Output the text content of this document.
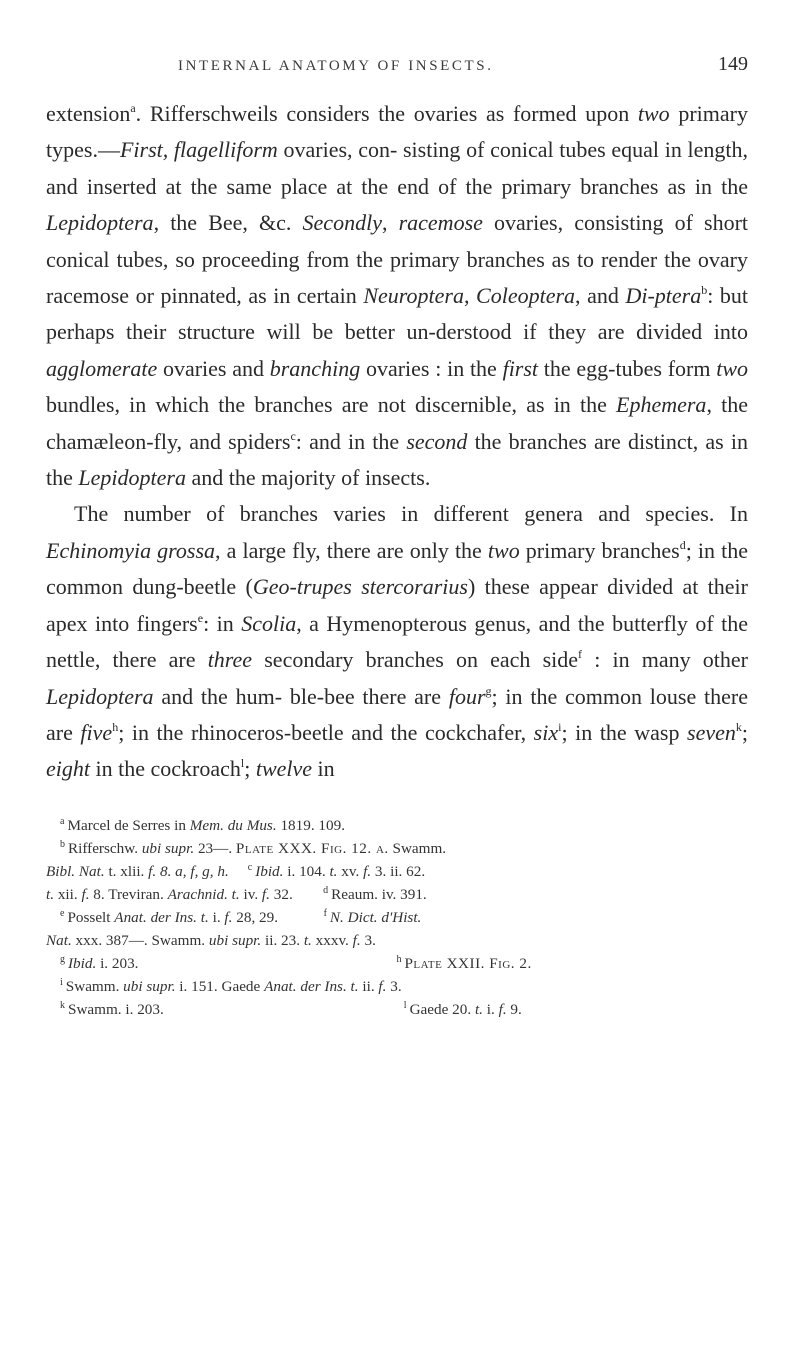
INTERNAL ANATOMY OF INSECTS.	149

extension$^a$. Rifferschweils considers the ovaries as formed upon two primary types.—First, flagelliform ovaries, con- sisting of conical tubes equal in length, and inserted at the same place at the end of the primary branches as in the Lepidoptera, the Bee, &c. Secondly, racemose ovaries, consisting of short conical tubes, so proceeding from the primary branches as to render the ovary racemose or pinnated, as in certain Neuroptera, Coleoptera, and Di-ptera$^b$: but perhaps their structure will be better un-derstood if they are divided into agglomerate ovaries and branching ovaries : in the first the egg-tubes form two bundles, in which the branches are not discernible, as in the Ephemera, the chamæleon-fly, and spiders$^c$: and in the second the branches are distinct, as in the Lepidoptera and the majority of insects.

The number of branches varies in different genera and species. In Echinomyia grossa, a large fly, there are only the two primary branches$^d$; in the common dung-beetle (Geo-trupes stercorarius) these appear divided at their apex into fingers$^e$: in Scolia, a Hymenopterous genus, and the butterfly of the nettle, there are three secondary branches on each side$^f$ : in many other Lepidoptera and the hum- ble-bee there are four$^g$; in the common louse there are five$^h$; in the rhinoceros-beetle and the cockchafer, six$^i$; in the wasp seven$^k$; eight in the cockroach$^l$; twelve in

$^a$ Marcel de Serres in Mem. du Mus. 1819. 109.
$^b$ Rifferschw. ubi supr. 23—. Plate XXX. Fig. 12. a. Swamm.
Bibl. Nat. t. xlii. f. 8. a, f, g, h. $^c$ Ibid. i. 104. t. xv. f. 3. ii. 62.
t. xii. f. 8. Treviran. Arachnid. t. iv. f. 32.	$^d$ Reaum. iv. 391.
$^e$ Posselt Anat. der Ins. t. i. f. 28, 29.	$^f$ N. Dict. d'Hist.
Nat. xxx. 387—. Swamm. ubi supr. ii. 23. t. xxxv. f. 3.
$^g$ Ibid. i. 203.	$^h$ Plate XXII. Fig. 2.
$^i$ Swamm. ubi supr. i. 151. Gaede Anat. der Ins. t. ii. f. 3.
$^k$ Swamm. i. 203.	$^l$ Gaede 20. t. i. f. 9.
